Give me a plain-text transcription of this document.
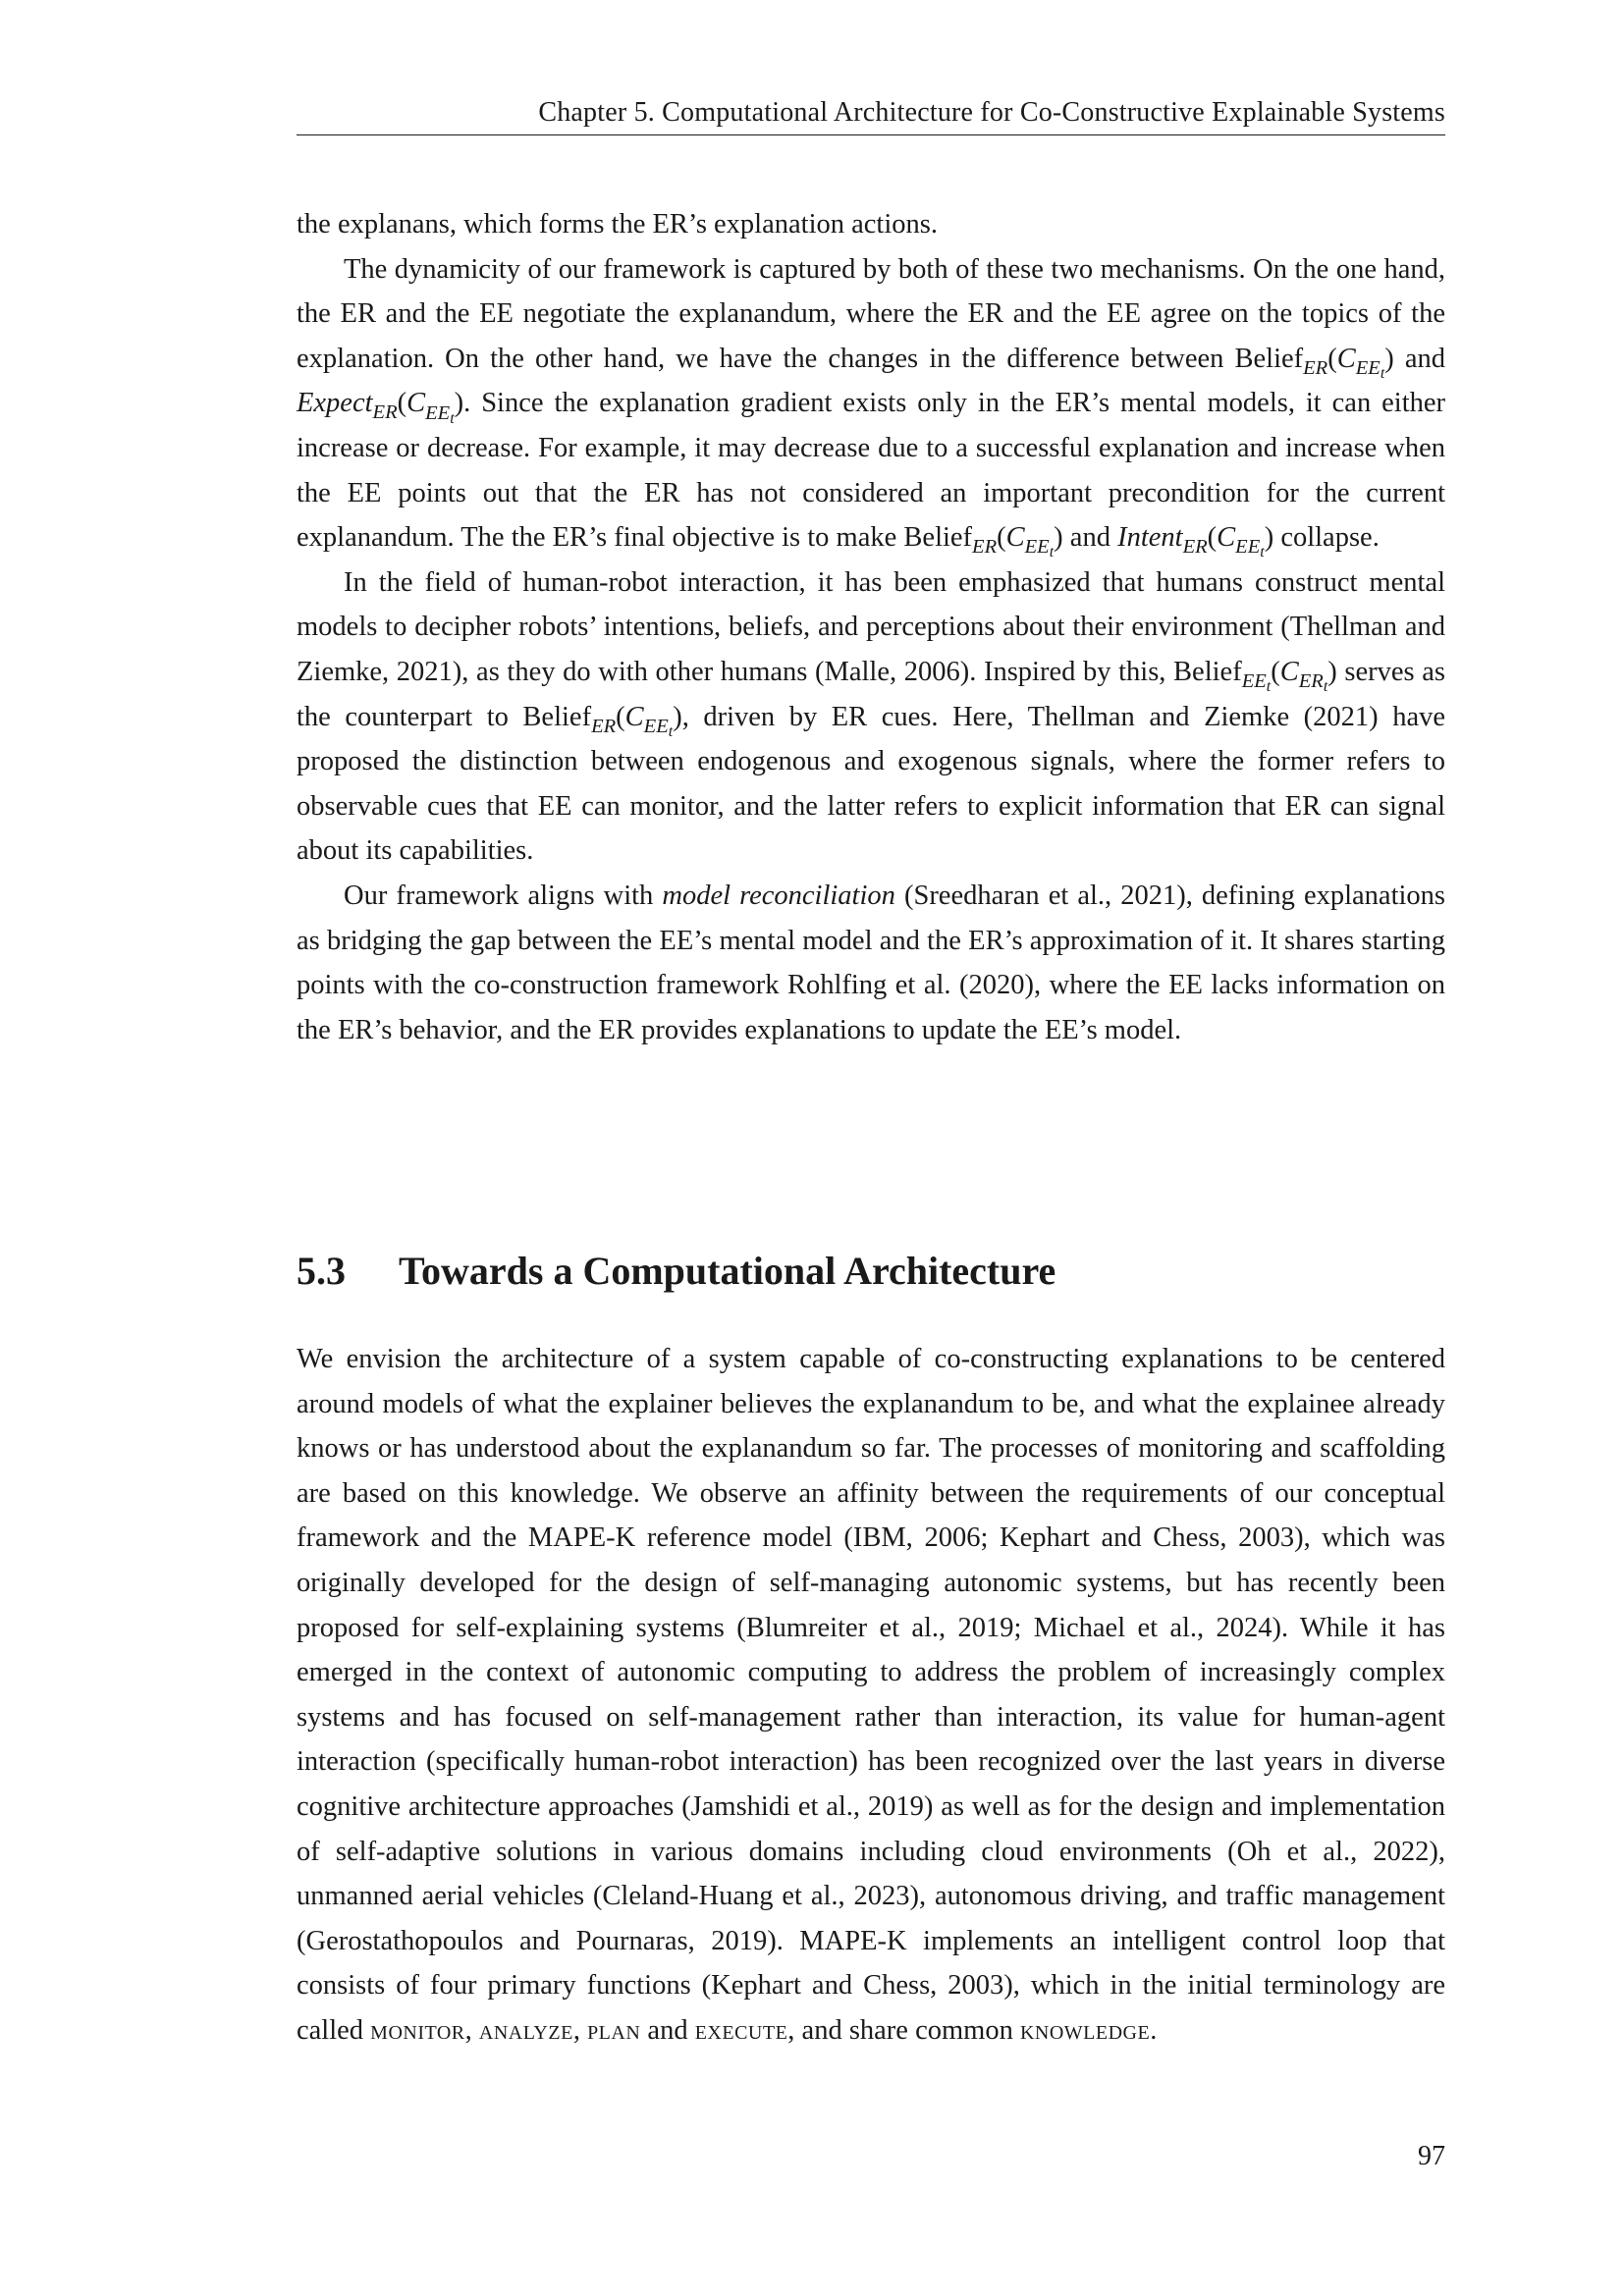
Chapter 5. Computational Architecture for Co-Constructive Explainable Systems

the explanans, which forms the ER’s explanation actions.

The dynamicity of our framework is captured by both of these two mechanisms. On the one hand, the ER and the EE negotiate the explanandum, where the ER and the EE agree on the topics of the explanation. On the other hand, we have the changes in the difference between $Belief_{ER}(C_{EEt})$ and $Expect_{ER}(C_{EEt})$. Since the explanation gradient exists only in the ER’s mental models, it can either increase or decrease. For example, it may decrease due to a successful explanation and increase when the EE points out that the ER has not considered an important precondition for the current explanandum. The the ER’s final objective is to make $Belief_{ER}(C_{EEt})$ and $Intent_{ER}(C_{EEt})$ collapse.

In the field of human-robot interaction, it has been emphasized that humans construct mental models to decipher robots’ intentions, beliefs, and perceptions about their environment (Thellman and Ziemke, 2021), as they do with other humans (Malle, 2006). Inspired by this, $Belief_{EEt}(C_{ERt})$ serves as the counterpart to $Belief_{ER}(C_{EEt})$, driven by ER cues. Here, Thellman and Ziemke (2021) have proposed the distinction between endogenous and exogenous signals, where the former refers to observable cues that EE can monitor, and the latter refers to explicit information that ER can signal about its capabilities.

Our framework aligns with model reconciliation (Sreedharan et al., 2021), defining explanations as bridging the gap between the EE’s mental model and the ER’s approximation of it. It shares starting points with the co-construction framework Rohlfing et al. (2020), where the EE lacks information on the ER’s behavior, and the ER provides explanations to update the EE’s model.

5.3 Towards a Computational Architecture

We envision the architecture of a system capable of co-constructing explanations to be centered around models of what the explainer believes the explanandum to be, and what the explainee already knows or has understood about the explanandum so far. The processes of monitoring and scaffolding are based on this knowledge. We observe an affinity between the requirements of our conceptual framework and the MAPE-K reference model (IBM, 2006; Kephart and Chess, 2003), which was originally developed for the design of self-managing autonomic systems, but has recently been proposed for self-explaining systems (Blumreiter et al., 2019; Michael et al., 2024). While it has emerged in the context of autonomic computing to address the problem of increasingly complex systems and has focused on self-management rather than interaction, its value for human-agent interaction (specifically human-robot interaction) has been recognized over the last years in diverse cognitive architecture approaches (Jamshidi et al., 2019) as well as for the design and implementation of self-adaptive solutions in various domains including cloud environments (Oh et al., 2022), unmanned aerial vehicles (Cleland-Huang et al., 2023), autonomous driving, and traffic management (Gerostathopoulos and Pournaras, 2019). MAPE-K implements an intelligent control loop that consists of four primary functions (Kephart and Chess, 2003), which in the initial terminology are called monitor, analyze, plan and execute, and share common knowledge.

97
